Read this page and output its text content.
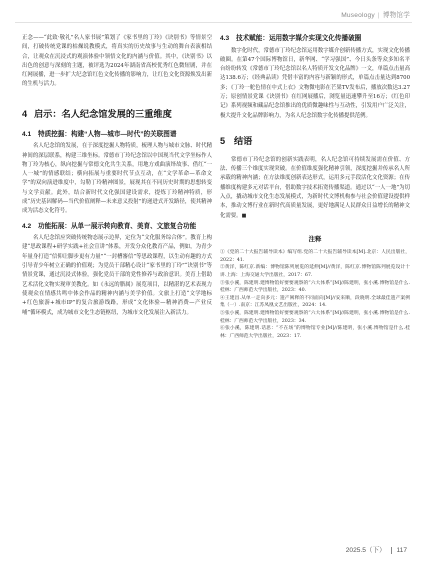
Museology | 博物馆学

正念——“此致·敬礼”名人家书展”策划了《家书里的丁玲》《诀别书》等情景空间，打破传统党课的枯燥说教模式，将真实的历史故事与生动的舞台表演相结合，让观众在沉浸式的观演体验中领悟文化的内涵与价值。其中，《诀别书》以出色的创意与深刻的主题，被评选为2024年湖南省高校优秀红色微短剧，并在红网展播，进一步扩大纪念馆红色文化传播的影响力，让红色文化资源焕发出新的生机与活力。

4 启示：名人纪念馆发展的三重维度
4.1 特质挖掘：构建“人物—城市—时代”的关联图谱

名人纪念馆的发展，在于深度挖掘人物特质，梳理人物与城市文脉、时代精神间的深层联系，构建三维坐标。常德市丁玲纪念馆以中国现当代文学坐标作人物丁玲为核心，纵向挖掘与常德文化共生关系，用地方戏曲演绎故事、借红“一人一城”的情感联结；横向拓展与重要时代节点互动，在“文学革命—革命文学”的双向演进维度中，勾勒丁玲精神图景，展现其在不同历史时期的思想转变与文学贡献。此外，结合新时代文化强国建设需求，提炼丁玲精神特质，形成“历史基因解码—当代价值阐释—未来意义投射”的递进式开发路径，使其精神成为活态文化符号。

4.2 功能拓展：从单一展示转向教育、美育、文旅复合功能

名人纪念馆应突破传统物态展示边界，定位为“文化服务综合体”。教育上构建“思政课程+研学实践+社会宣讲”体系，开发分众化教育产品，例如，为青少年量身打造“信仰让脚步更有力量”“一封槽審信”等思政课程，以生动有趣的方式引导青少年树立正确的价值观；为党员干部精心设计“家书里的丁玲”“诀别书”等情景党课，通过沉浸式体验，强化党员干部的党性修养与政治意识。美育上借助艺术活化文物实现审美教化。如《永远的腊属》展览项目，以精湛的艺术表现力使观众在情感共鸣中体会作品的精神内涵与美学价值。文旅上打造“文学地标+红色旅游+城市IP”的复合旅游线路，形成“文化体验—精神消费—产业反哺”循环模式，成为城市文化生态链枢纽，为城市文化发展注入新活力。

4.3 技术赋能：运用数字媒介实现文化传播破圈

数字化时代，常德市丁玲纪念馆运用数字媒介创新传播方式，实现文化传播破圈。在第47个国际博物馆日，新华网、“学习强国”、今日头条等众多知名平台纷纷转发《常德市丁玲纪念馆以名人特质开发文化品牌》一文，单篇点击量高达138.6万；《经典品读》凭借丰富的内容与新颖的形式，单篇点击量达到8700多；《丁玲一舵色情在中式上衣》文物微电影在芒果TV发布后，播放次数达3.27万；原创情景党课《诀别书》在红网展播后，浏览量迅速攀升至16万；《红色印记》系列视频和藏品纪念馆推出的优质微趣味性与互动性，引发用户广泛关注，极大提升文化品牌影响力，为名人纪念馆数字化传播提供范例。

5 结语

常德市丁玲纪念馆的创新实践表明，名人纪念馆可持续发展需在价值、方法、传播三个维度实现突破。在价值维度强化精神引领，深度挖掘并传承名人所承载的精神内涵；在方法维度创新表达形式，运用多元手段活化文化资源；在传播维度构建多元对话平台，借助数字技术拓宽传播渠道。通过以“一人一地”为切入点，撬动城市文化生态发展模式，为新时代文博机构参与社会价值建设提供样本，推动文博行业在新时代高质量发展，更好地满足人民群众日益增长的精神文化需要。■

注释
①《党的二十大报告辅导读本》编写组.党的二十大报告辅导读本[M].北京：人民出版社，2022：41.
②黄洋，陈红京.新编：博物馆陈列展览的延伸[M]//黄洋，陈红京.博物馆陈列展览设计十讲.上海：上海交通大学出版社，2017：67.
③张小溪，陈建明.建博物馆好要要观察的“六大体系”[M]//陈建明，张小溪.博物馆是什么.桂林：广西师范大学出版社，2023：40.
④王建昌.从单一走向多元：遗产阐释的不同面向[M]//安来顺，段晓明.全球最佳遗产案例集（一）.南京：江苏凤凰文艺出版社，2024：14.
⑤张小溪，陈建明.建博物馆好要要观察的“六大体系”[M]//陈建明，张小溪.博物馆是什么.桂林：广西师范大学出版社，2023：34.
⑥张小溪，陈建明.话思：“不在场”的博物馆专业[M]//陈建明，张小溪.博物馆是什么.桂林：广西师范大学出版社，2023：17.
2025.5（下） 117
